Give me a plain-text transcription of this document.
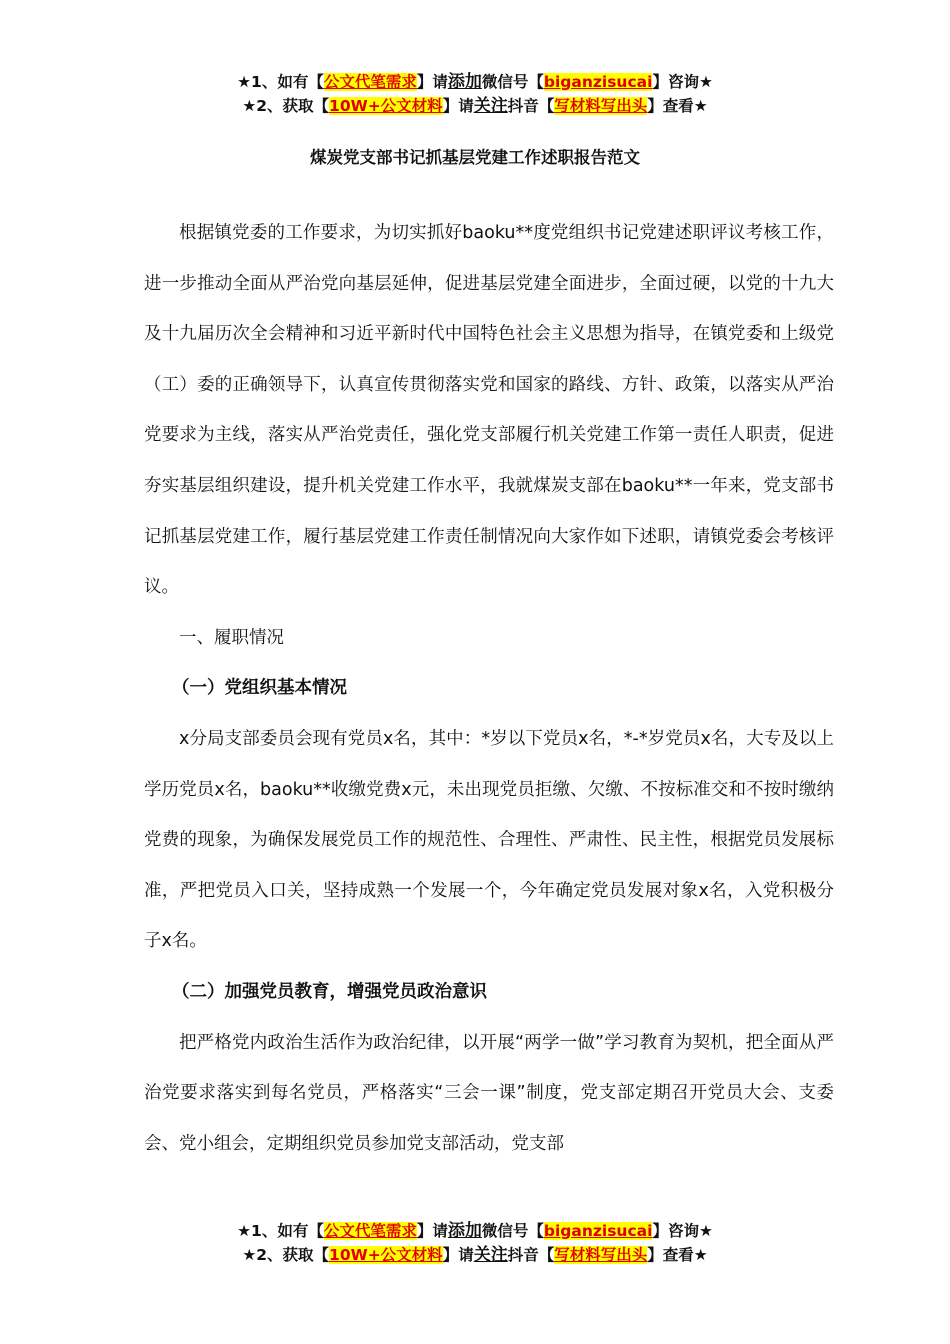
★1、如有【公文代笔需求】请添加微信号【biganzisucai】咨询★
★2、获取【10W+公文材料】请关注抖音【写材料写出头】查看★
煤炭党支部书记抓基层党建工作述职报告范文

根据镇党委的工作要求，为切实抓好baoku**度党组织书记党建述职评议考核工作，进一步推动全面从严治党向基层延伸，促进基层党建全面进步，全面过硬，以党的十九大及十九届历次全会精神和习近平新时代中国特色社会主义思想为指导，在镇党委和上级党（工）委的正确领导下，认真宣传贯彻落实党和国家的路线、方针、政策，以落实从严治党要求为主线，落实从严治党责任，强化党支部履行机关党建工作第一责任人职责，促进夯实基层组织建设，提升机关党建工作水平，我就煤炭支部在baoku**一年来，党支部书记抓基层党建工作，履行基层党建工作责任制情况向大家作如下述职，请镇党委会考核评议。

一、履职情况

（一）党组织基本情况

x分局支部委员会现有党员x名，其中：*岁以下党员x名，*-*岁党员x名，大专及以上学历党员x名，baoku**收缴党费x元，未出现党员拒缴、欠缴、不按标准交和不按时缴纳党费的现象，为确保发展党员工作的规范性、合理性、严肃性、民主性，根据党员发展标准，严把党员入口关，坚持成熟一个发展一个，今年确定党员发展对象x名，入党积极分子x名。

（二）加强党员教育，增强党员政治意识

把严格党内政治生活作为政治纪律，以开展“两学一做”学习教育为契机，把全面从严治党要求落实到每名党员，严格落实“三会一课”制度，党支部定期召开党员大会、支委会、党小组会，定期组织党员参加党支部活动，党支部

★1、如有【公文代笔需求】请添加微信号【biganzisucai】咨询★
★2、获取【10W+公文材料】请关注抖音【写材料写出头】查看★
